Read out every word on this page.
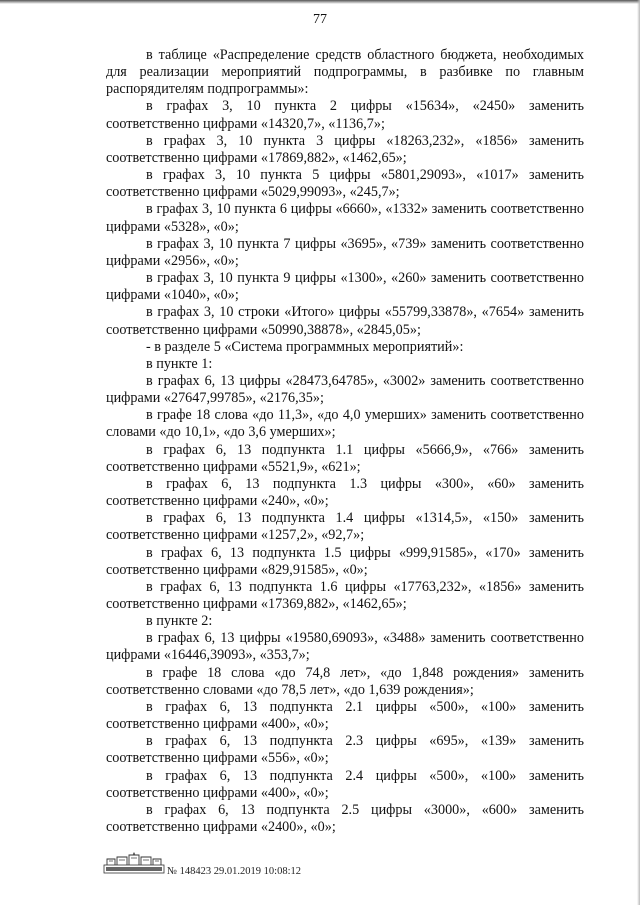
77

в таблице «Распределение средств областного бюджета, необходимых для реализации мероприятий подпрограммы, в разбивке по главным распорядителям подпрограммы»:

в графах 3, 10 пункта 2 цифры «15634», «2450» заменить соответственно цифрами «14320,7», «1136,7»;

в графах 3, 10 пункта 3 цифры «18263,232», «1856» заменить соответственно цифрами «17869,882», «1462,65»;

в графах 3, 10 пункта 5 цифры «5801,29093», «1017» заменить соответственно цифрами «5029,99093», «245,7»;

в графах 3, 10 пункта 6 цифры «6660», «1332» заменить соответственно цифрами «5328», «0»;

в графах 3, 10 пункта 7 цифры «3695», «739» заменить соответственно цифрами «2956», «0»;

в графах 3, 10 пункта 9 цифры «1300», «260» заменить соответственно цифрами «1040», «0»;

в графах 3, 10 строки «Итого» цифры «55799,33878», «7654» заменить соответственно цифрами «50990,38878», «2845,05»;

- в разделе 5 «Система программных мероприятий»:

в пункте 1:

в графах 6, 13 цифры «28473,64785», «3002» заменить соответственно цифрами «27647,99785», «2176,35»;

в графе 18 слова «до 11,3», «до 4,0 умерших» заменить соответственно словами «до 10,1», «до 3,6 умерших»;

в графах 6, 13 подпункта 1.1 цифры «5666,9», «766» заменить соответственно цифрами «5521,9», «621»;

в графах 6, 13 подпункта 1.3 цифры «300», «60» заменить соответственно цифрами «240», «0»;

в графах 6, 13 подпункта 1.4 цифры «1314,5», «150» заменить соответственно цифрами «1257,2», «92,7»;

в графах 6, 13 подпункта 1.5 цифры «999,91585», «170» заменить соответственно цифрами «829,91585», «0»;

в графах 6, 13 подпункта 1.6 цифры «17763,232», «1856» заменить соответственно цифрами «17369,882», «1462,65»;

в пункте 2:

в графах 6, 13 цифры «19580,69093», «3488» заменить соответственно цифрами «16446,39093», «353,7»;

в графе 18 слова «до 74,8 лет», «до 1,848 рождения» заменить соответственно словами «до 78,5 лет», «до 1,639 рождения»;

в графах 6, 13 подпункта 2.1 цифры «500», «100» заменить соответственно цифрами «400», «0»;

в графах 6, 13 подпункта 2.3 цифры «695», «139» заменить соответственно цифрами «556», «0»;

в графах 6, 13 подпункта 2.4 цифры «500», «100» заменить соответственно цифрами «400», «0»;

в графах 6, 13 подпункта 2.5 цифры «3000», «600» заменить соответственно цифрами «2400», «0»;

№ 148423 29.01.2019 10:08:12
